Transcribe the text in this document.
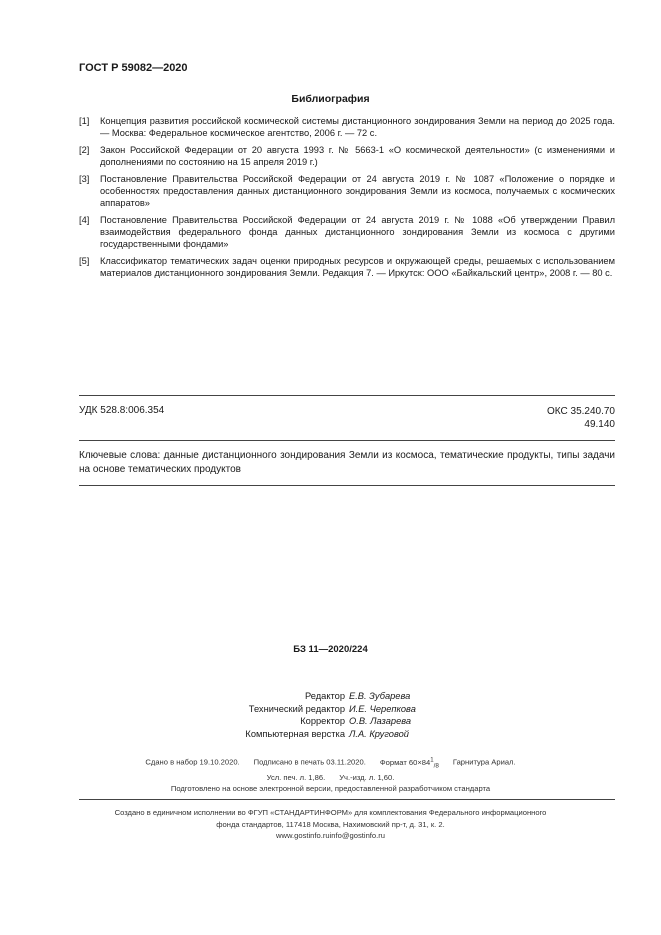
ГОСТ Р 59082—2020
Библиография
[1]	Концепция развития российской космической системы дистанционного зондирования Земли на период до 2025 года. — Москва: Федеральное космическое агентство, 2006 г. — 72 с.
[2]	Закон Российской Федерации от 20 августа 1993 г. № 5663-1 «О космической деятельности» (с изменениями и дополнениями по состоянию на 15 апреля 2019 г.)
[3]	Постановление Правительства Российской Федерации от 24 августа 2019 г. № 1087 «Положение о порядке и особенностях предоставления данных дистанционного зондирования Земли из космоса, получаемых с космических аппаратов»
[4]	Постановление Правительства Российской Федерации от 24 августа 2019 г. № 1088 «Об утверждении Правил взаимодействия федерального фонда данных дистанционного зондирования Земли из космоса с другими государственными фондами»
[5]	Классификатор тематических задач оценки природных ресурсов и окружающей среды, решаемых с использованием материалов дистанционного зондирования Земли. Редакция 7. — Иркутск: ООО «Байкальский центр», 2008 г. — 80 с.
УДК 528.8:006.354	ОКС 35.240.70
49.140
Ключевые слова: данные дистанционного зондирования Земли из космоса, тематические продукты, типы задачи на основе тематических продуктов
БЗ 11—2020/224
Редактор Е.В. Зубарева
Технический редактор И.Е. Черепкова
Корректор О.В. Лазарева
Компьютерная верстка Л.А. Круговой
Сдано в набор 19.10.2020. Подписано в печать 03.11.2020. Формат $60\times 84^1_{/8}$ Гарнитура Ариал.
Усл. печ. л. 1,86. Уч.-изд. л. 1,60.
Подготовлено на основе электронной версии, предоставленной разработчиком стандарта
Создано в единичном исполнении во ФГУП «СТАНДАРТИНФОРМ» для комплектования Федерального информационного
фонда стандартов, 117418 Москва, Нахимовский пр-т, д. 31, к. 2.
www.gostinfo.ruinfo@gostinfo.ru
